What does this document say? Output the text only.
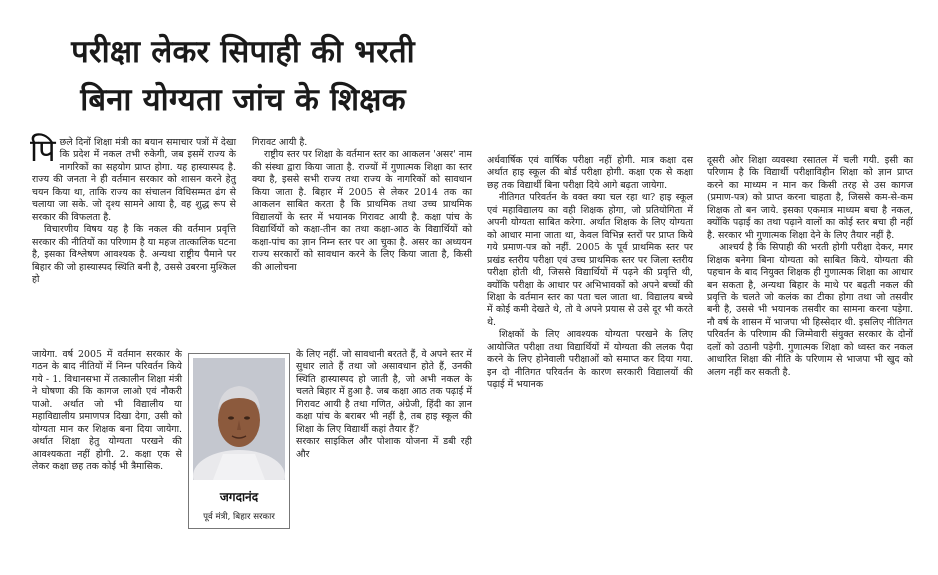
परीक्षा लेकर सिपाही की भरती
बिना योग्यता जांच के शिक्षक

पिछले दिनों शिक्षा मंत्री का बयान समाचार पत्रों में देखा कि प्रदेश में नकल तभी रुकेगी, जब इसमें राज्य के नागरिकों का सहयोग प्राप्त होगा. यह हास्यास्पद है. राज्य की जनता ने ही वर्तमान सरकार को शासन करने हेतु चयन किया था, ताकि राज्य का संचालन विधिसम्मत ढंग से चलाया जा सके. जो दृश्य सामने आया है, वह शुद्ध रूप से सरकार की विफलता है.

विचारणीय विषय यह है कि नकल की वर्तमान प्रवृत्ति सरकार की नीतियों का परिणाम है या महज तात्कालिक घटना है, इसका विश्लेषण आवश्यक है. अन्यथा राष्ट्रीय पैमाने पर बिहार की जो हास्यास्पद स्थिति बनी है, उससे उबरना मुश्किल हो

जायेगा. वर्ष 2005 में वर्तमान सरकार के गठन के बाद नीतियों में निम्न परिवर्तन किये गये - 1. विधानसभा में तत्कालीन शिक्षा मंत्री ने घोषणा की कि कागज लाओ एवं नौकरी पाओ. अर्थात जो भी विद्यालीय या महाविद्यालीय प्रमाणपत्र दिखा देगा, उसी को योग्यता मान कर शिक्षक बना दिया जायेगा. अर्थात शिक्षा हेतु योग्यता परखने की आवश्यकता नहीं होगी. 2. कक्षा एक से लेकर कक्षा छह तक कोई भी त्रैमासिक.

गिरावट आयी है.

राष्ट्रीय स्तर पर शिक्षा के वर्तमान स्तर का आकलन 'असर' नाम की संस्था द्वारा किया जाता है. राज्यों में गुणात्मक शिक्षा का स्तर क्या है, इससे सभी राज्य तथा राज्य के नागरिकों को सावधान किया जाता है. बिहार में 2005 से लेकर 2014 तक का आकलन साबित करता है कि प्राथमिक तथा उच्च प्राथमिक विद्यालयों के स्तर में भयानक गिरावट आयी है. कक्षा पांच के विद्यार्थियों को कक्षा-तीन का तथा कक्षा-आठ के विद्यार्थियों को कक्षा-पांच का ज्ञान निम्न स्तर पर आ चुका है. असर का अध्ययन राज्य सरकारों को सावधान करने के लिए किया जाता है, किसी की आलोचना

के लिए नहीं. जो सावधानी बरतते हैं, वे अपने स्तर में सुधार लाते हैं तथा जो असावधान होते हैं, उनकी स्थिति हास्यास्पद हो जाती है, जो अभी नकल के चलते बिहार में हुआ है. जब कक्षा आठ तक पढ़ाई में गिरावट आयी है तथा गणित, अंग्रेजी, हिंदी का ज्ञान कक्षा पांच के बराबर भी नहीं है, तब हाइ स्कूल की शिक्षा के लिए विद्यार्थी कहां तैयार हैं?

सरकार साइकिल और पोशाक योजना में डबी रही और

जगदानंद
पूर्व मंत्री, बिहार सरकार

अर्धवार्षिक एवं वार्षिक परीक्षा नहीं होगी. मात्र कक्षा दस अर्थात हाइ स्कूल की बोर्ड परीक्षा होगी. कक्षा एक से कक्षा छह तक विद्यार्थी बिना परीक्षा दिये आगे बढ़ता जायेगा.

नीतिगत परिवर्तन के वक्त क्या चल रहा था? हाइ स्कूल एवं महाविद्यालय का वही शिक्षक होगा, जो प्रतियोगिता में अपनी योग्यता साबित करेगा. अर्थात शिक्षक के लिए योग्यता को आधार माना जाता था, केवल विभिन्न स्तरों पर प्राप्त किये गये प्रमाण-पत्र को नहीं. 2005 के पूर्व प्राथमिक स्तर पर प्रखंड स्तरीय परीक्षा एवं उच्च प्राथमिक स्तर पर जिला स्तरीय परीक्षा होती थी, जिससे विद्यार्थियों में पढ़ने की प्रवृत्ति थी, क्योंकि परीक्षा के आधार पर अभिभावकों को अपने बच्चों की शिक्षा के वर्तमान स्तर का पता चल जाता था. विद्यालय बच्चे में कोई कमी देखते थे, तो वे अपने प्रयास से उसे दूर भी करते थे.

शिक्षकों के लिए आवश्यक योग्यता परखने के लिए आयोजित परीक्षा तथा विद्यार्थियों में योग्यता की ललक पैदा करने के लिए होनेवाली परीक्षाओं को समाप्त कर दिया गया. इन दो नीतिगत परिवर्तन के कारण सरकारी विद्यालयों की पढ़ाई में भयानक

दूसरी ओर शिक्षा व्यवस्था रसातल में चली गयी. इसी का परिणाम है कि विद्यार्थी परीक्षाविहीन शिक्षा को ज्ञान प्राप्त करने का माध्यम न मान कर किसी तरह से उस कागज (प्रमाण-पत्र) को प्राप्त करना चाहता है, जिससे कम-से-कम शिक्षक तो बन जाये. इसका एकमात्र माध्यम बचा है नकल, क्योंकि पढ़ाई का तथा पढ़ाने वालों का कोई स्तर बचा ही नहीं है. सरकार भी गुणात्मक शिक्षा देने के लिए तैयार नहीं है.

आश्चर्य है कि सिपाही की भरती होगी परीक्षा देकर, मगर शिक्षक बनेगा बिना योग्यता को साबित किये. योग्यता की पहचान के बाद नियुक्त शिक्षक ही गुणात्मक शिक्षा का आधार बन सकता है, अन्यथा बिहार के माथे पर बढ़ती नकल की प्रवृत्ति के चलते जो कलंक का टीका होगा तथा जो तसवीर बनी है, उससे भी भयानक तसवीर का सामना करना पड़ेगा. नौ वर्ष के शासन में भाजपा भी हिस्सेदार थी. इसलिए नीतिगत परिवर्तन के परिणाम की जिम्मेवारी संयुक्त सरकार के दोनों दलों को उठानी पड़ेगी. गुणात्मक शिक्षा को ध्वस्त कर नकल आधारित शिक्षा की नीति के परिणाम से भाजपा भी खुद को अलग नहीं कर सकती है.
